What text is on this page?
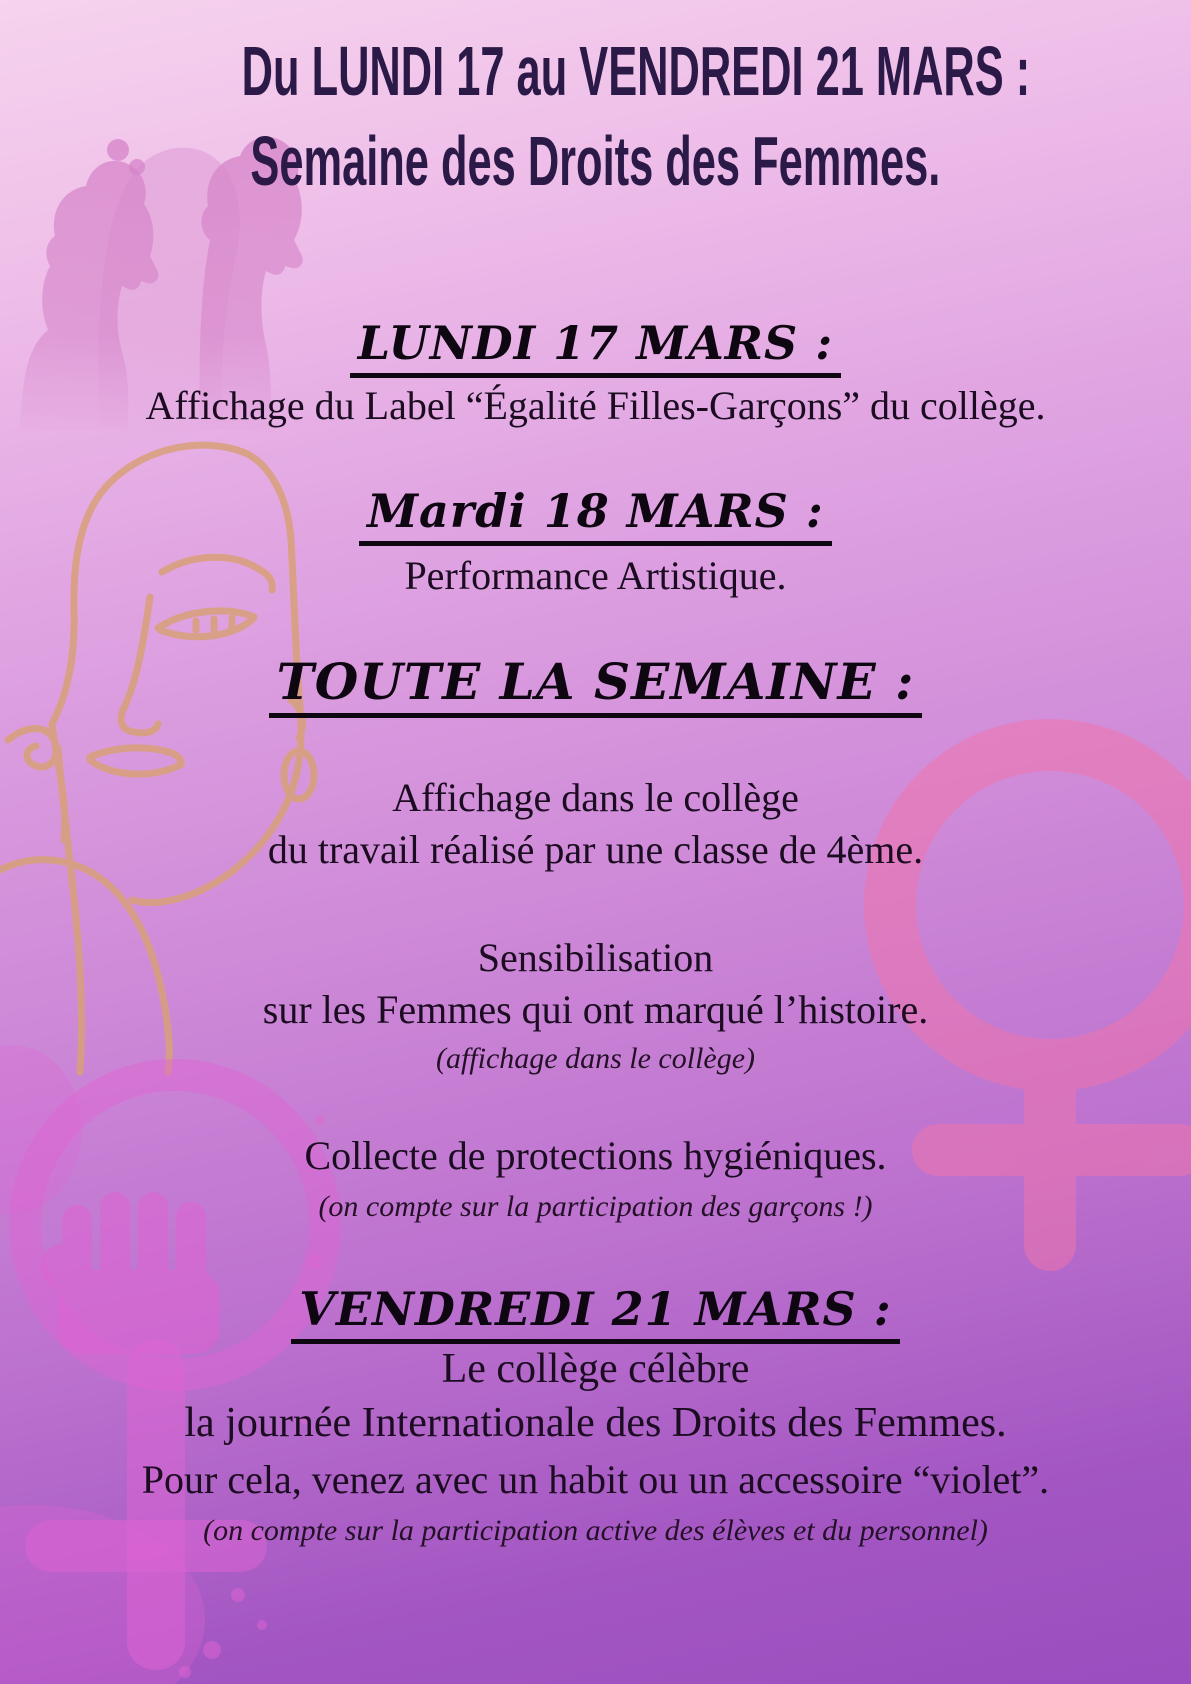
Du LUNDI 17 au VENDREDI 21 MARS :
Semaine des Droits des Femmes.
LUNDI 17 MARS :
Affichage du Label “Égalité Filles-Garçons” du collège.
Mardi 18 MARS :
Performance Artistique.
TOUTE LA SEMAINE :
Affichage dans le collège
du travail réalisé par une classe de 4ème.
Sensibilisation
sur les Femmes qui ont marqué l’histoire.
(affichage dans le collège)
Collecte de protections hygiéniques.
(on compte sur la participation des garçons !)
VENDREDI 21 MARS :
Le collège célèbre
la journée Internationale des Droits des Femmes.
Pour cela, venez avec un habit ou un accessoire “violet”.
(on compte sur la participation active des élèves et du personnel)
